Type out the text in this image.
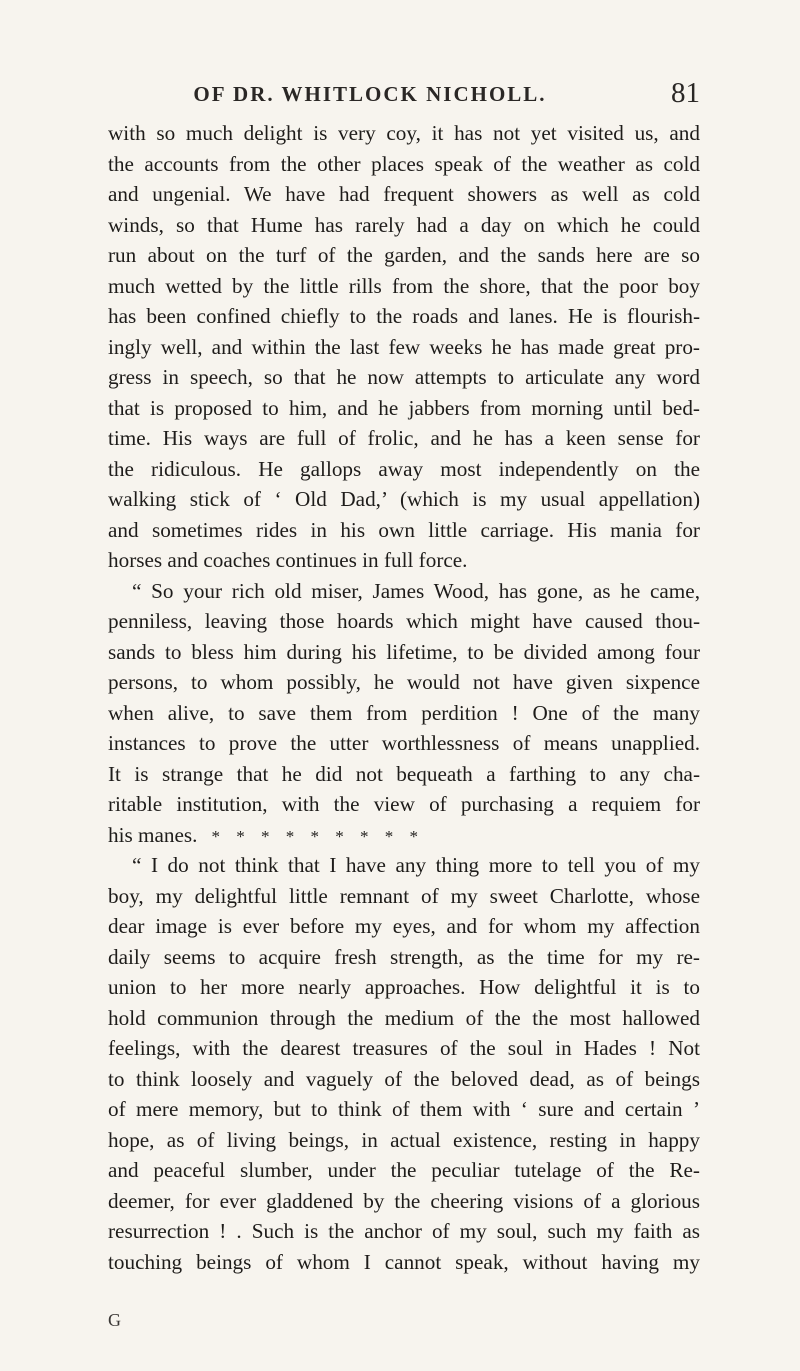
OF DR. WHITLOCK NICHOLL.	81
with so much delight is very coy, it has not yet visited us, and
the accounts from the other places speak of the weather as cold
and ungenial. We have had frequent showers as well as cold
winds, so that Hume has rarely had a day on which he could
run about on the turf of the garden, and the sands here are so
much wetted by the little rills from the shore, that the poor boy
has been confined chiefly to the roads and lanes. He is flourish-
ingly well, and within the last few weeks he has made great pro-
gress in speech, so that he now attempts to articulate any word
that is proposed to him, and he jabbers from morning until bed-
time. His ways are full of frolic, and he has a keen sense for
the ridiculous. He gallops away most independently on the
walking stick of ‘ Old Dad,’ (which is my usual appellation)
and sometimes rides in his own little carriage. His mania for
horses and coaches continues in full force.
“ So your rich old miser, James Wood, has gone, as he came,
penniless, leaving those hoards which might have caused thou-
sands to bless him during his lifetime, to be divided among four
persons, to whom possibly, he would not have given sixpence
when alive, to save them from perdition ! One of the many
instances to prove the utter worthlessness of means unapplied.
It is strange that he did not bequeath a farthing to any cha-
ritable institution, with the view of purchasing a requiem for
his manes. * * * * * * * * *
“ I do not think that I have any thing more to tell you of my
boy, my delightful little remnant of my sweet Charlotte, whose
dear image is ever before my eyes, and for whom my affection
daily seems to acquire fresh strength, as the time for my re-
union to her more nearly approaches. How delightful it is to
hold communion through the medium of the the most hallowed
feelings, with the dearest treasures of the soul in Hades ! Not
to think loosely and vaguely of the beloved dead, as of beings
of mere memory, but to think of them with ‘ sure and certain ’
hope, as of living beings, in actual existence, resting in happy
and peaceful slumber, under the peculiar tutelage of the Re-
deemer, for ever gladdened by the cheering visions of a glorious
resurrection ! . Such is the anchor of my soul, such my faith as
touching beings of whom I cannot speak, without having my
G
